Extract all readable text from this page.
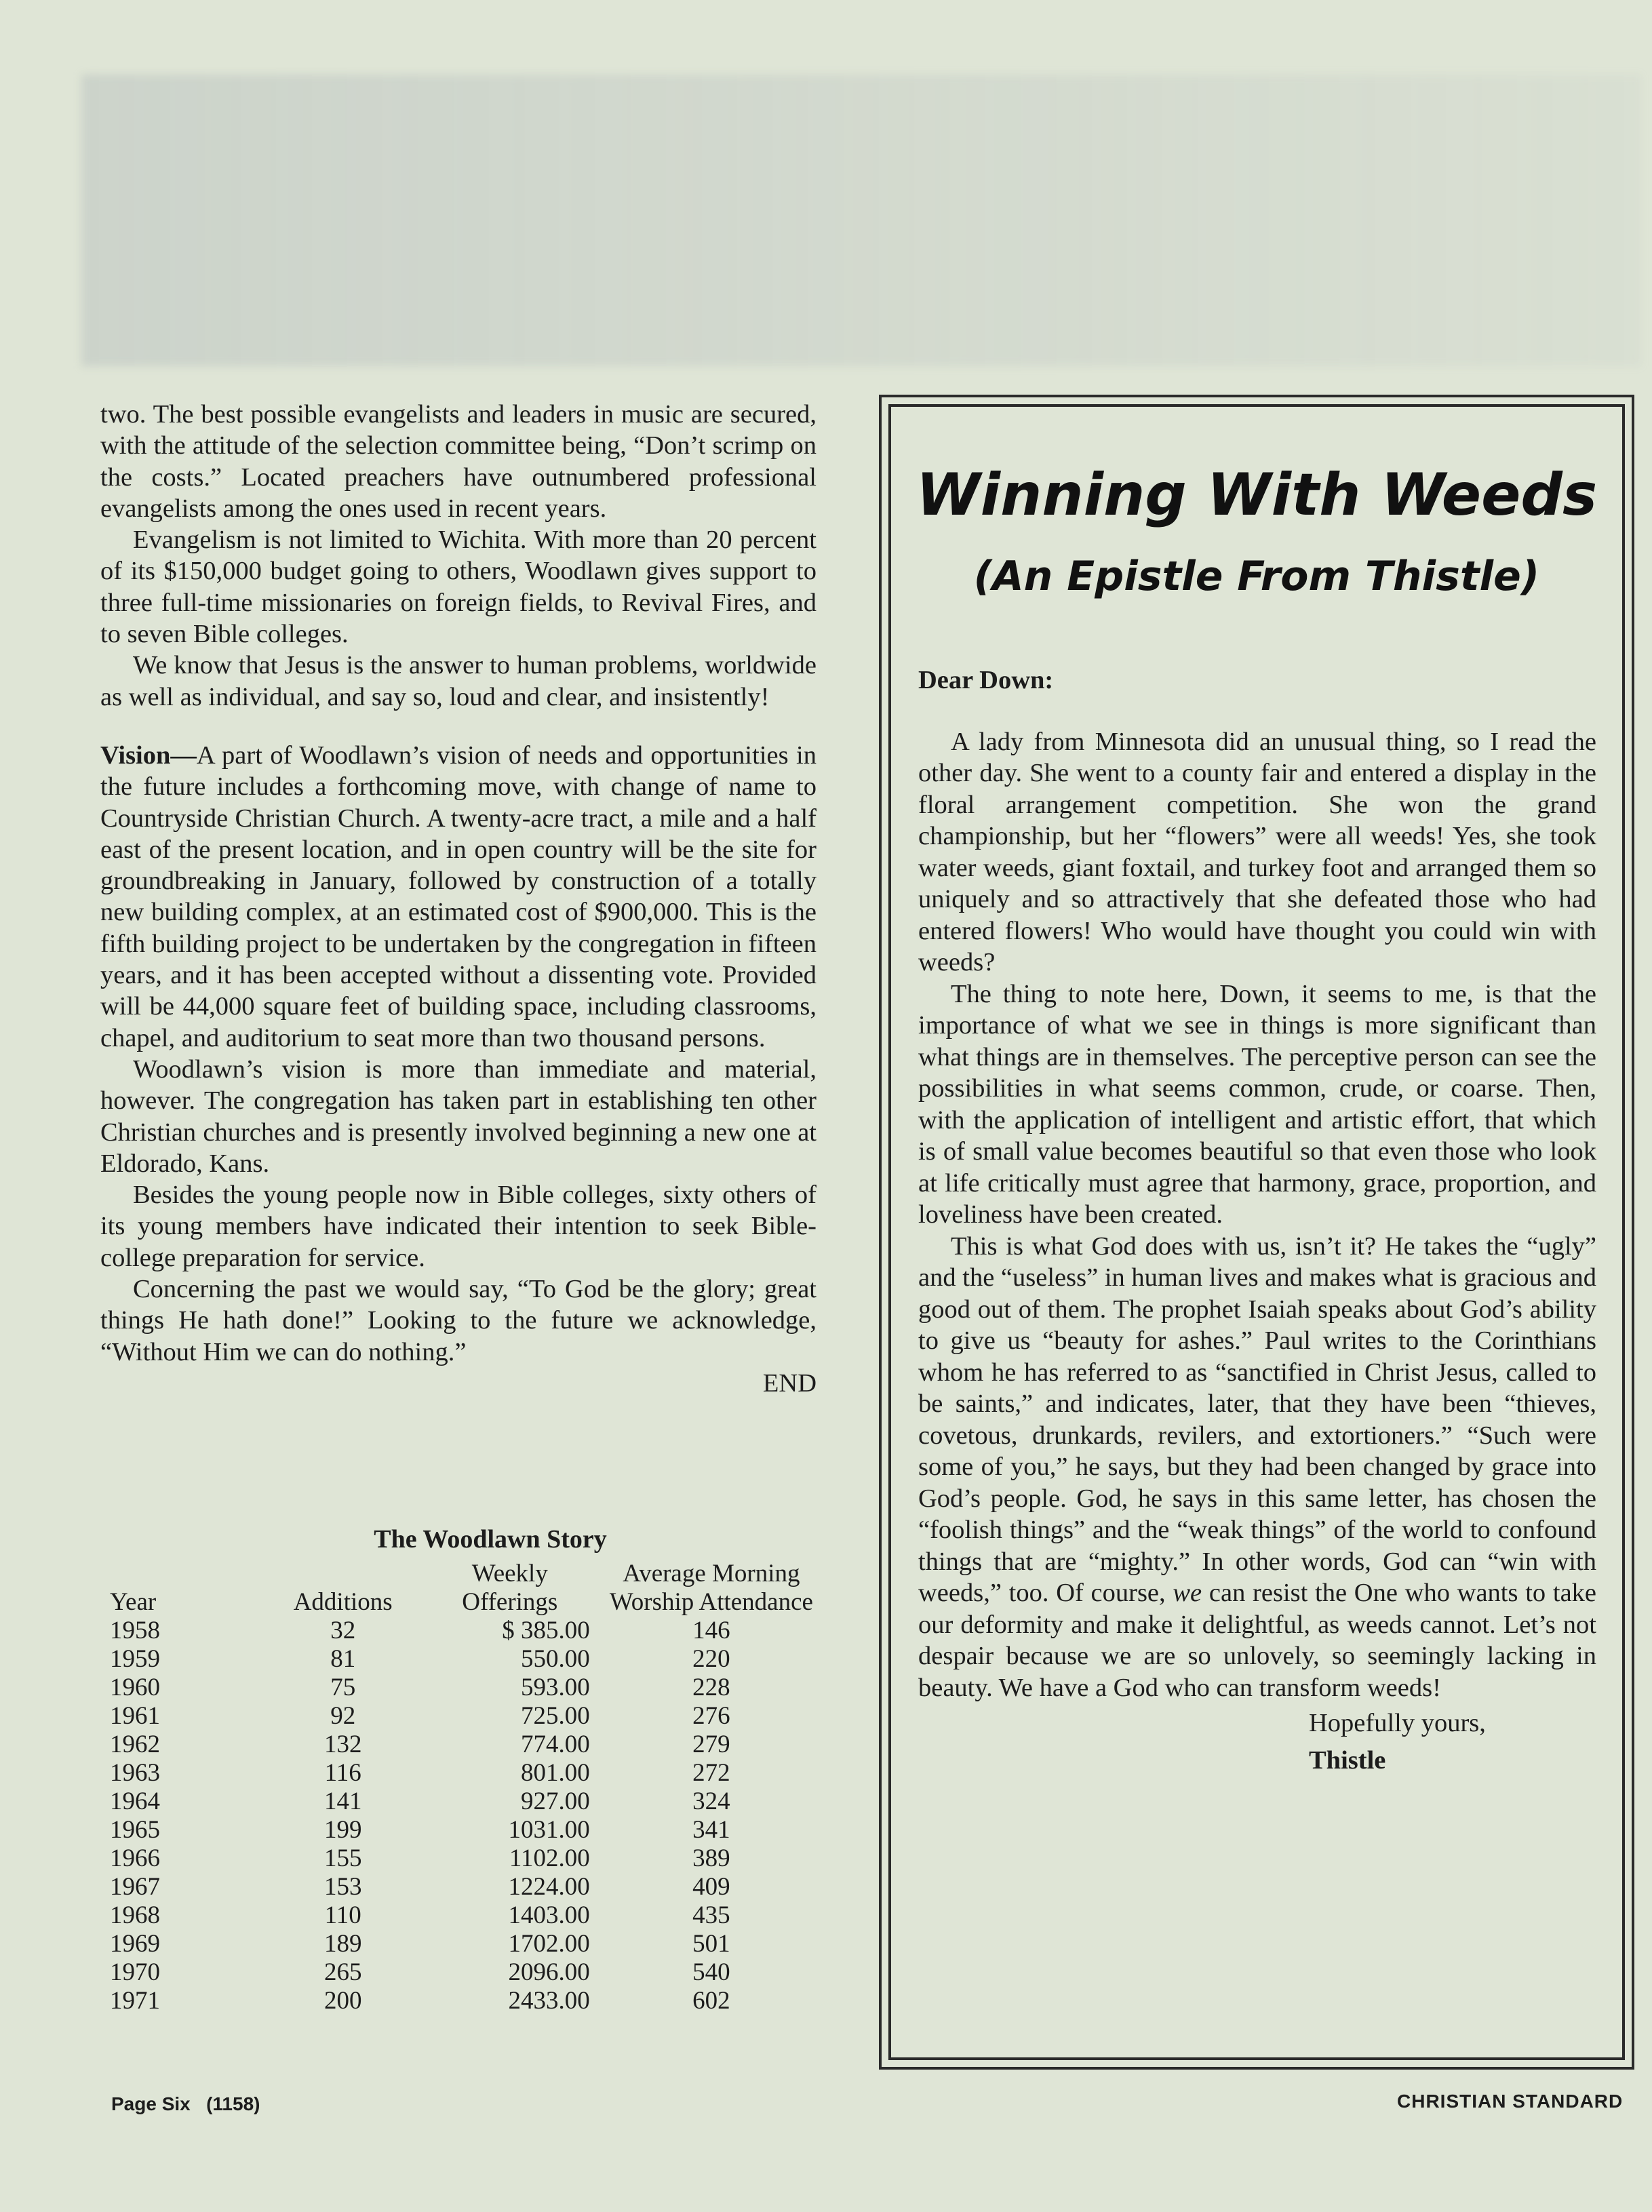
two. The best possible evangelists and leaders in music are secured, with the attitude of the selection committee being, “Don’t scrimp on the costs.” Located preachers have outnumbered professional evangelists among the ones used in recent years.

Evangelism is not limited to Wichita. With more than 20 percent of its $150,000 budget going to others, Woodlawn gives support to three full-time missionaries on foreign fields, to Revival Fires, and to seven Bible colleges.

We know that Jesus is the answer to human problems, worldwide as well as individual, and say so, loud and clear, and insistently!

Vision—A part of Woodlawn’s vision of needs and opportunities in the future includes a forthcoming move, with change of name to Countryside Christian Church. A twenty-acre tract, a mile and a half east of the present location, and in open country will be the site for groundbreaking in January, followed by construction of a totally new building complex, at an estimated cost of $900,000. This is the fifth building project to be undertaken by the congregation in fifteen years, and it has been accepted without a dissenting vote. Provided will be 44,000 square feet of building space, including classrooms, chapel, and auditorium to seat more than two thousand persons.

Woodlawn’s vision is more than immediate and material, however. The congregation has taken part in establishing ten other Christian churches and is presently involved beginning a new one at Eldorado, Kans.

Besides the young people now in Bible colleges, sixty others of its young members have indicated their intention to seek Bible-college preparation for service.

Concerning the past we would say, “To God be the glory; great things He hath done!” Looking to the future we acknowledge, “Without Him we can do nothing.”

END

The Woodlawn Story
Year	Additions	Weekly Offerings	Average Morning Worship Attendance
1958	32	$ 385.00	146
1959	81	550.00	220
1960	75	593.00	228
1961	92	725.00	276
1962	132	774.00	279
1963	116	801.00	272
1964	141	927.00	324
1965	199	1031.00	341
1966	155	1102.00	389
1967	153	1224.00	409
1968	110	1403.00	435
1969	189	1702.00	501
1970	265	2096.00	540
1971	200	2433.00	602
Winning With Weeds
(An Epistle From Thistle)

Dear Down:

A lady from Minnesota did an unusual thing, so I read the other day. She went to a county fair and entered a display in the floral arrangement competition. She won the grand championship, but her “flowers” were all weeds! Yes, she took water weeds, giant foxtail, and turkey foot and arranged them so uniquely and so attractively that she defeated those who had entered flowers! Who would have thought you could win with weeds?

The thing to note here, Down, it seems to me, is that the importance of what we see in things is more significant than what things are in themselves. The perceptive person can see the possibilities in what seems common, crude, or coarse. Then, with the application of intelligent and artistic effort, that which is of small value becomes beautiful so that even those who look at life critically must agree that harmony, grace, proportion, and loveliness have been created.

This is what God does with us, isn’t it? He takes the “ugly” and the “useless” in human lives and makes what is gracious and good out of them. The prophet Isaiah speaks about God’s ability to give us “beauty for ashes.” Paul writes to the Corinthians whom he has referred to as “sanctified in Christ Jesus, called to be saints,” and indicates, later, that they have been “thieves, covetous, drunkards, revilers, and extortioners.” “Such were some of you,” he says, but they had been changed by grace into God’s people. God, he says in this same letter, has chosen the “foolish things” and the “weak things” of the world to confound things that are “mighty.” In other words, God can “win with weeds,” too. Of course, we can resist the One who wants to take our deformity and make it delightful, as weeds cannot. Let’s not despair because we are so unlovely, so seemingly lacking in beauty. We have a God who can transform weeds!

Hopefully yours,

Thistle

Page Six   (1158)	CHRISTIAN STANDARD
